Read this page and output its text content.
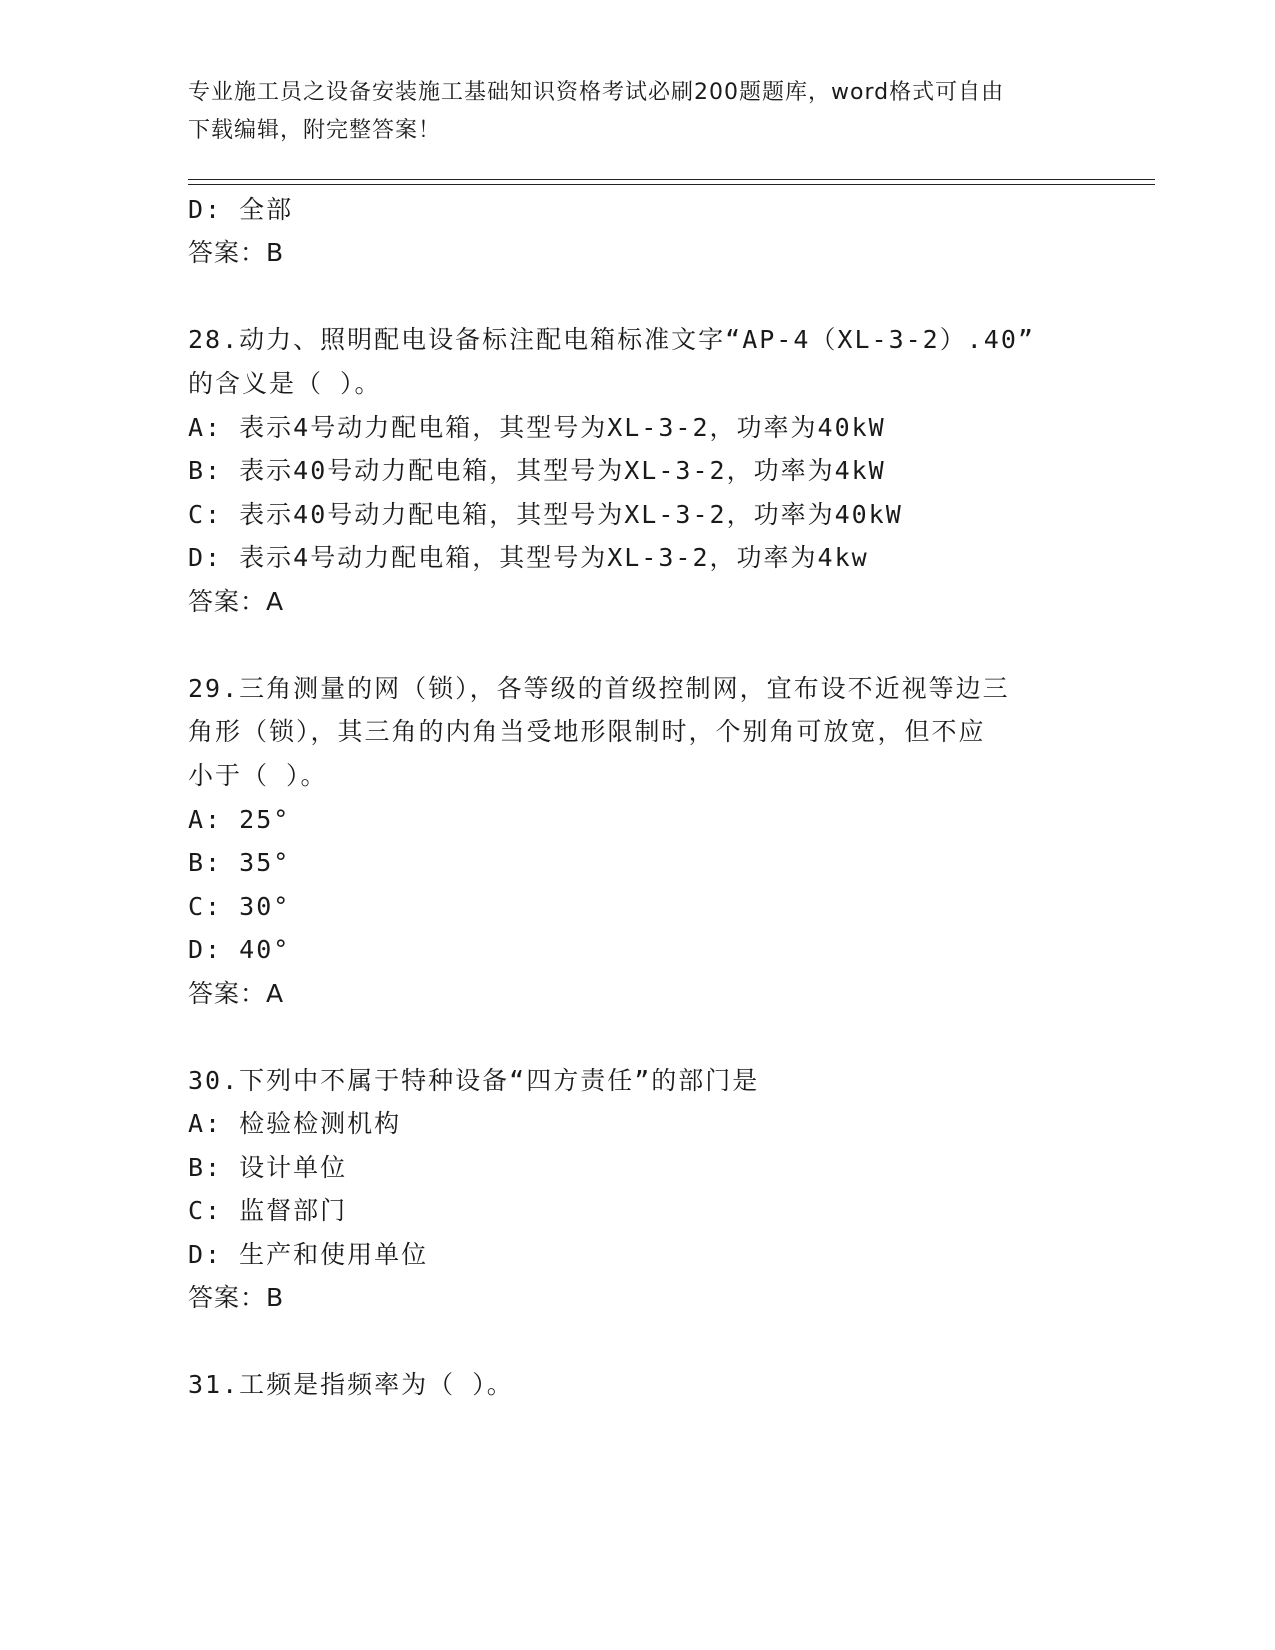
专业施工员之设备安装施工基础知识资格考试必刷200题题库，word格式可自由
下载编辑，附完整答案！
D: 全部
答案：B
28.动力、照明配电设备标注配电箱标准文字“AP-4（XL-3-2）.40”
的含义是（ ）。
A: 表示4号动力配电箱，其型号为XL-3-2，功率为40kW
B: 表示40号动力配电箱，其型号为XL-3-2，功率为4kW
C: 表示40号动力配电箱，其型号为XL-3-2，功率为40kW
D: 表示4号动力配电箱，其型号为XL-3-2，功率为4kw
答案：A
29.三角测量的网（锁），各等级的首级控制网，宜布设不近视等边三
角形（锁），其三角的内角当受地形限制时，个别角可放宽，但不应
小于（ ）。
A: 25°
B: 35°
C: 30°
D: 40°
答案：A
30.下列中不属于特种设备“四方责任”的部门是
A: 检验检测机构
B: 设计单位
C: 监督部门
D: 生产和使用单位
答案：B
31.工频是指频率为（ ）。
